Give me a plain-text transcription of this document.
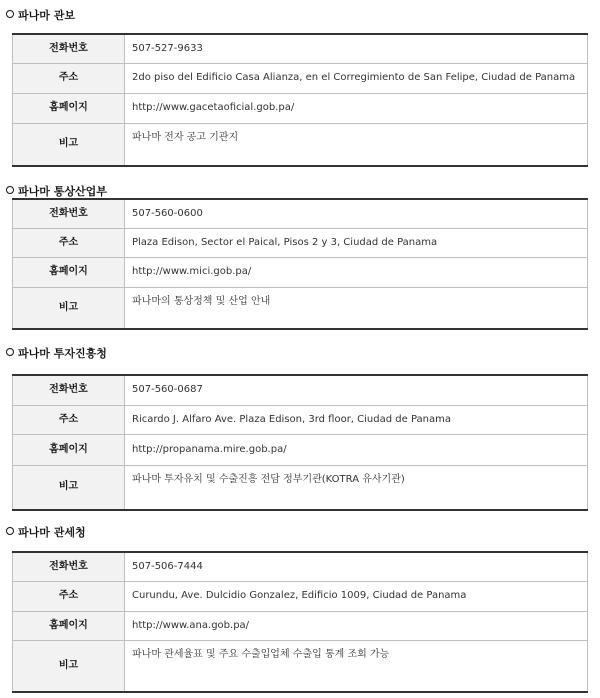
파나마 관보
전화번호	507-527-9633
주소	2do piso del Edificio Casa Alianza, en el Corregimiento de San Felipe, Ciudad de Panama
홈페이지	http://www.gacetaoficial.gob.pa/
비고	파나마 전자 공고 기관지
파나마 통상산업부
전화번호	507-560-0600
주소	Plaza Edison, Sector el Paical, Pisos 2 y 3, Ciudad de Panama
홈페이지	http://www.mici.gob.pa/
비고	파나마의 통상정책 및 산업 안내
파나마 투자진흥청
전화번호	507-560-0687
주소	Ricardo J. Alfaro Ave. Plaza Edison, 3rd floor, Ciudad de Panama
홈페이지	http://propanama.mire.gob.pa/
비고	파나마 투자유치 및 수출진흥 전담 정부기관(KOTRA 유사기관)
파나마 관세청
전화번호	507-506-7444
주소	Curundu, Ave. Dulcidio Gonzalez, Edificio 1009, Ciudad de Panama
홈페이지	http://www.ana.gob.pa/
비고	파나마 관세율표 및 주요 수출입업체 수출입 통계 조회 가능
